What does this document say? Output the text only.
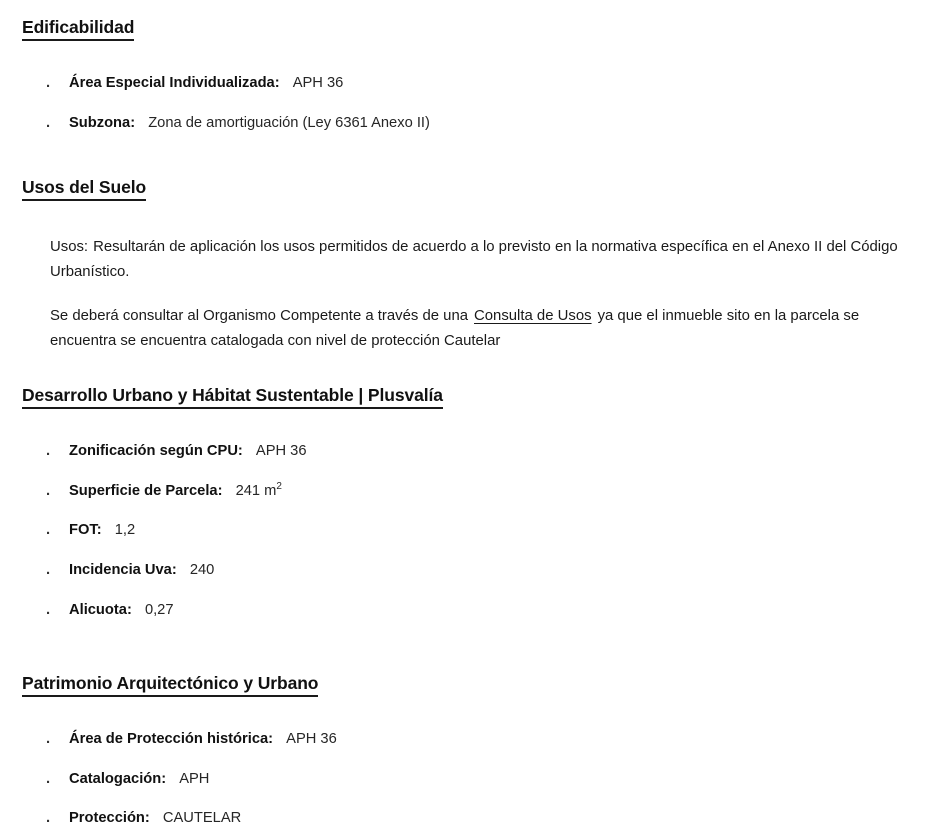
Edificabilidad
. Área Especial Individualizada: APH 36
. Subzona: Zona de amortiguación (Ley 6361 Anexo II)
Usos del Suelo

Usos: Resultarán de aplicación los usos permitidos de acuerdo a lo previsto en la normativa específica en el Anexo II del Código Urbanístico.

Se deberá consultar al Organismo Competente a través de una Consulta de Usos ya que el inmueble sito en la parcela se encuentra se encuentra catalogada con nivel de protección Cautelar

Desarrollo Urbano y Hábitat Sustentable | Plusvalía
. Zonificación según CPU: APH 36
. Superficie de Parcela: 241 $m^2$
. FOT: 1,2
. Incidencia Uva: 240
. Alicuota: 0,27
Patrimonio Arquitectónico y Urbano
. Área de Protección histórica: APH 36
. Catalogación: APH
. Protección: CAUTELAR
